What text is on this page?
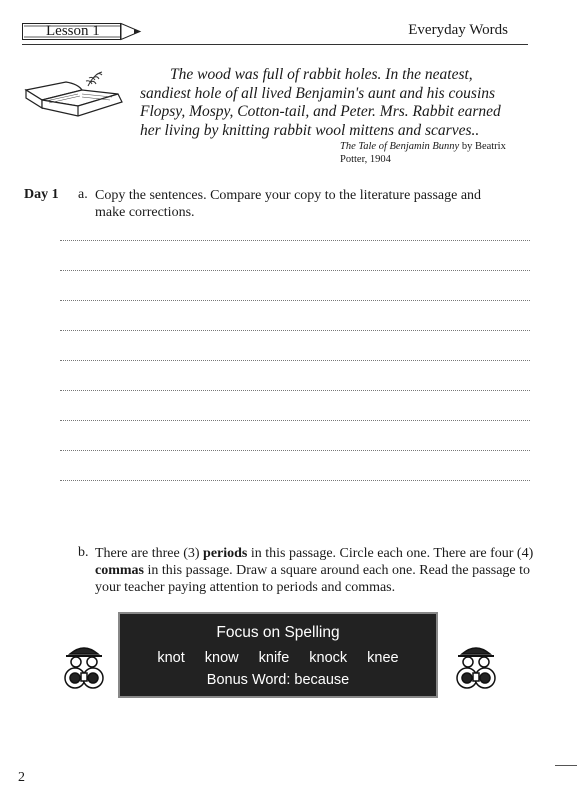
Lesson 1	Everyday Words
The wood was full of rabbit holes. In the neatest, sandiest hole of all lived Benjamin's aunt and his cousins Flopsy, Mospy, Cotton-tail, and Peter. Mrs. Rabbit earned her living by knitting rabbit wool mittens and scarves..
The Tale of Benjamin Bunny by Beatrix Potter, 1904
Day 1 a. Copy the sentences. Compare your copy to the literature passage and make corrections.
b. There are three (3) periods in this passage. Circle each one. There are four (4) commas in this passage. Draw a square around each one. Read the passage to your teacher paying attention to periods and commas.
Focus on Spelling
knot know knife knock knee
Bonus Word: because
2
